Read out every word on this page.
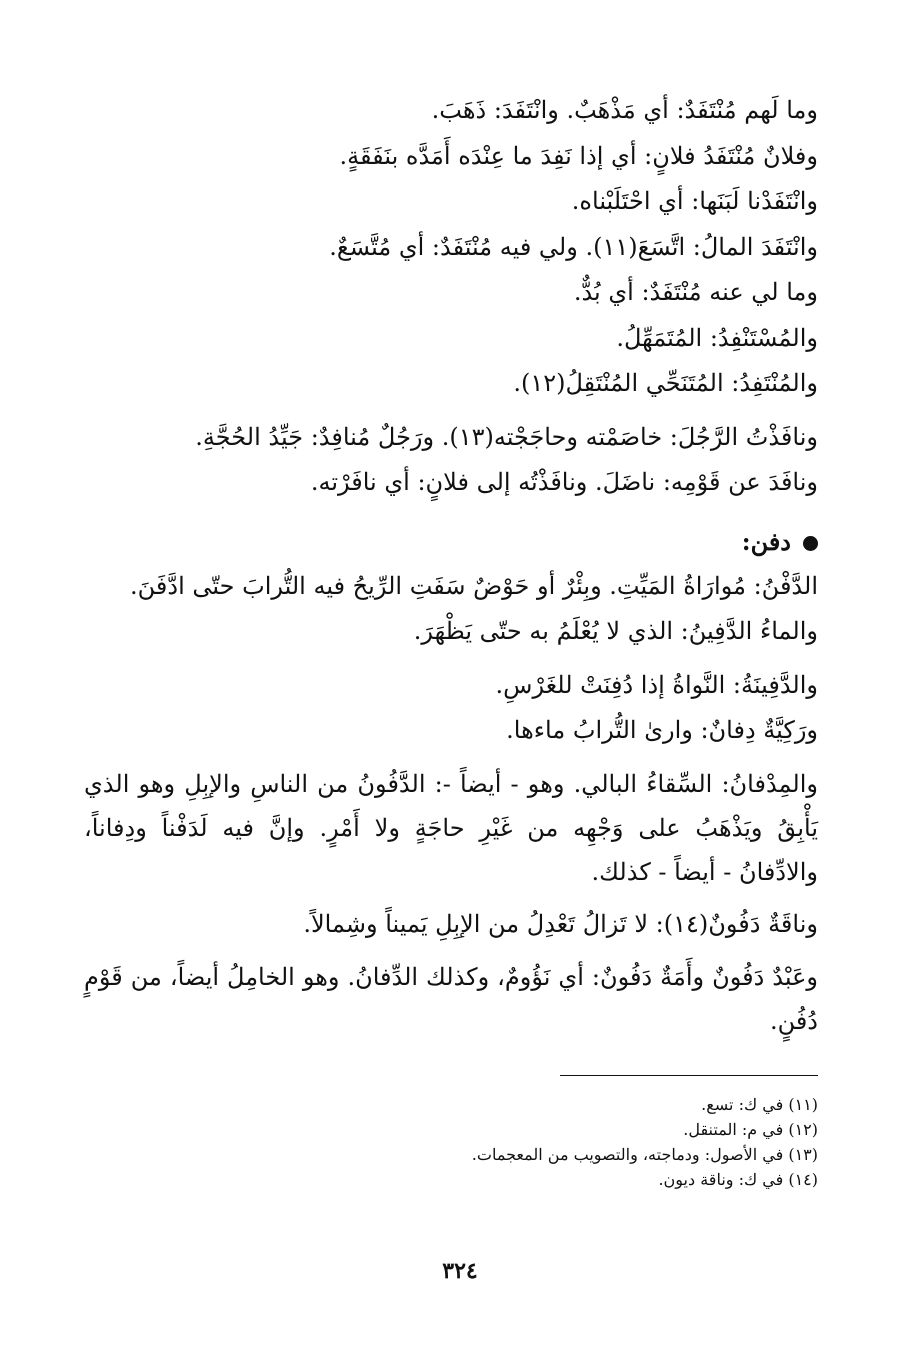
وما لَهم مُنْتَفَدٌ: أي مَذْهَبٌ. وانْتَفَدَ: ذَهَبَ.
وفلانٌ مُنْتَفَدُ فلانٍ: أي إذا نَفِدَ ما عِنْدَه أَمَدَّه بنَفَقَةٍ.
وانْتَفَدْنا لَبَنَها: أي احْتَلَبْناه.
وانْتَفَدَ المالُ: اتَّسَعَ(١١). ولي فيه مُنْتَفَدٌ: أي مُتَّسَعٌ.
وما لي عنه مُنْتَفَدٌ: أي بُدٌّ.
والمُسْتَنْفِدُ: المُتَمَهِّلُ.
والمُنْتَفِدُ: المُتَنَحِّي المُنْتَقِلُ(١٢).
ونافَذْتُ الرَّجُلَ: خاصَمْته وحاجَجْته(١٣). ورَجُلٌ مُنافِدٌ: جَيِّدُ الحُجَّةِ.
ونافَدَ عن قَوْمِه: ناضَلَ. ونافَذْتُه إلى فلانٍ: أي نافَرْته.
دفن:
الدَّفْنُ: مُوارَاةُ المَيِّتِ. وبِئْرٌ أو حَوْضٌ سَفَتِ الرِّيحُ فيه التُّرابَ حتّى ادَّفَنَ.
والماءُ الدَّفِينُ: الذي لا يُعْلَمُ به حتّى يَظْهَرَ.
والدَّفِينَةُ: النَّواةُ إذا دُفِنَتْ للغَرْسِ.
ورَكِيَّةٌ دِفانٌ: وارىٰ التُّرابُ ماءها.
والمِدْفانُ: السِّقاءُ البالي. وهو - أيضاً -: الدَّفُونُ من الناسِ والإبِلِ وهو الذي يَأْبِقُ ويَذْهَبُ على وَجْهِه من غَيْرِ حاجَةٍ ولا أَمْرٍ. وإنَّ فيه لَدَفْناً ودِفاناً، والادِّفانُ - أيضاً - كذلك.
وناقَةٌ دَفُونٌ(١٤): لا تَزالُ تَعْدِلُ من الإبِلِ يَميناً وشِمالاً.
وعَبْدٌ دَفُونٌ وأَمَةٌ دَفُونٌ: أي نَؤُومٌ، وكذلك الدِّفانُ. وهو الخامِلُ أيضاً، من قَوْمٍ دُفُنٍ.
(١١) في ك: تسع.
(١٢) في م: المتنقل.
(١٣) في الأصول: ودماجته، والتصويب من المعجمات.
(١٤) في ك: وناقة ديون.
٣٢٤
